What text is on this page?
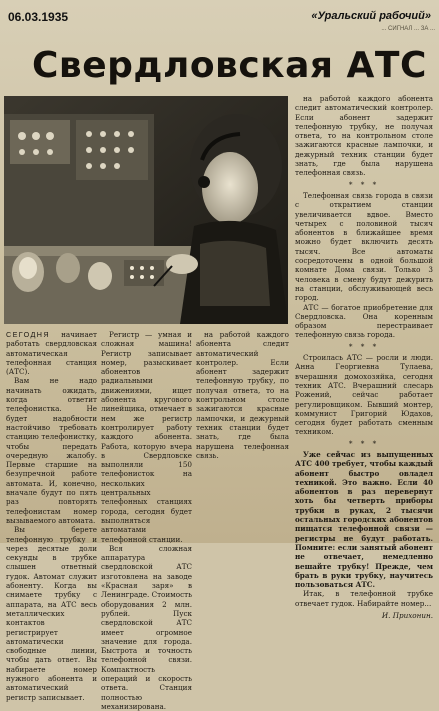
06.03.1935	«Уральский рабочий»
... СИГНАЛ ... ЗА ...
Свердловская АТС

СЕГОДНЯ начинает работать свердловская автоматическая телефонная станция (АТС).

Вам не надо начинать ожидать, когда ответит телефонистка. Не будет надобности настойчиво требовать станцию телефонистку, чтобы передать очередную жалобу. Первые старшие на безупречной работе автомата. И, конечно, вначале будут по пять раз повторять телефонистам номер вызываемого автомата.

Вы берете телефонную трубку и через десятые доли секунды в трубке слышен ответный гудок. Автомат служит абоненту. Когда вы снимаете трубку с аппарата, на АТС весь металлических контактов регистрирует автоматически свободные линии, чтобы дать ответ. Вы набираете номер нужного абонента и автоматический регистр записывает.

Регистр — умная и сложная машина! Регистр записывает номер, разыскивает абонентов радиальными движениями, ищет абонента кругового линейщика, отмечает в нем же регистр контролирует работу каждого абонента. Работа, которую вчера в Свердловске выполняли 150 телефонисток на нескольких центральных телефонных станциях города, сегодня будет выполняться автоматами телефонной станции.

Вся сложная аппаратура свердловской АТС изготовлена на заводе «Красная заря» в Ленинграде. Стоимость оборудования 2 млн. рублей. Пуск свердловской АТС имеет огромное значение для города. Быстрота и точность телефонной связи. Компактность операций и скорость ответа. Станция полностью механизирована.

на работой каждого абонента следит автоматический контролер. Если абонент задержит телефонную трубку, по получая ответа, то на контрольном столе зажигаются красные лампочки, и дежурный техник станции будет знать, где была нарушена телефонная связь.

на работой каждого абонента следит автоматический контролер. Если абонент задержит телефонную трубку, не получая ответа, то на контрольном столе зажигаются красные лампочки, и дежурный техник станции будет знать, где была нарушена телефонная связь.

* * *

Телефонная связь города в связи с открытием станции увеличивается вдвое. Вместо четырех с половиной тысяч абонентов в ближайшее время можно будет включить десять тысяч. Все автоматы сосредоточены в одной большой комнате Дома связи. Только 3 человека в смену будут дежурить на станции, обслуживающей весь город.

АТС — богатое приобретение для Свердловска. Она коренным образом перестраивает телефонную связь города.

* * *

Строилась АТС — росли и люди. Анна Георгиевна Тулаева, вчерашняя домохозяйка, сегодня техник АТС. Вчерашний слесарь Рожений, сейчас работает регулировщиком. Бывший монтер, коммунист Григорий Юдахов, сегодня будет работать сменным техником.

* * *

Уже сейчас из выпущенных АТС 400 требует, чтобы каждый абонент быстро овладел техникой. Это важно. Если 40 абонентов в раз перевернут хоть бы четверть приборы трубки в руках, 2 тысячи остальных городских абонентов пищатся телефонной связи — регистры не будут работать. Помните: если занятый абонент не отвечает, немедленно вешайте трубку! Прежде, чем брать в руки трубку, научитесь пользоваться АТС.

Итак, в телефонной трубке отвечает гудок. Набирайте номер...

И. Прихонин.
